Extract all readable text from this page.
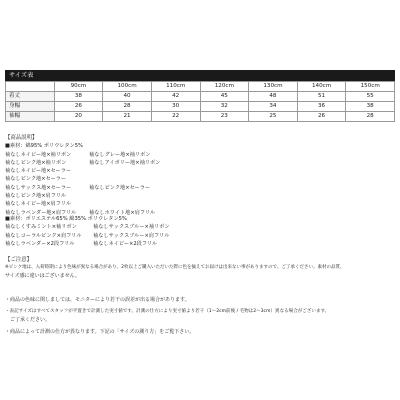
サイズ表
	90cm	100cm	110cm	120cm	130cm	140cm	150cm
着丈	38	40	42	45	48	51	55
身幅	26	28	30	32	34	36	38
袖幅	20	21	22	23	25	26	28
【商品説明】
■素材：綿95% ポリウレタン5%
袖なしネイビー地×袖リボン	袖なしグレー地×袖リボン
袖なしピンク地×袖リボン	袖なしアイボリー地×袖リボン
袖なしネイビー地×セーラー
袖なしピンク地×セーラー
袖なしサックス地×セーラー	袖なしピンク地×セーラー
袖なしピンク地×肩フリル
袖なしネイビー地×肩フリル
袖なしラベンダー地×肩フリル 袖なしホワイト地×肩フリル
■素材：ポリエステル65% 綿35% ポリウレタン5%
袖なしくすみミント×袖リボン	袖なしサックスブルー×袖リボン
袖なしコーラルピンク×肩フリル 袖なしサックスブルー×肩フリル
袖なしラベンダー×2段フリル	袖なしネイビー×2段フリル
【ご注意】
※ピンク地は、入荷時期により色味が異なる場合があり、2枚以上ご購入いただいた際に色を揃えてお届けは出来ない事がありますので、ご了承ください。素材の品質、
サイズ感に違いはございません。
・商品の色味に関しましては、モニターにより若干の誤差が出る場合があります。
・表記サイズはすべてスタッフが平置きで計測した実寸値です。計測の仕方により実寸値より若干（1〜2cm前後 / 毛物は2〜3cm）異なる場合がございます。
　ご了承ください。
・商品によって計測の仕方が異なります。下記の「サイズの測り方」をご覧下さい。
